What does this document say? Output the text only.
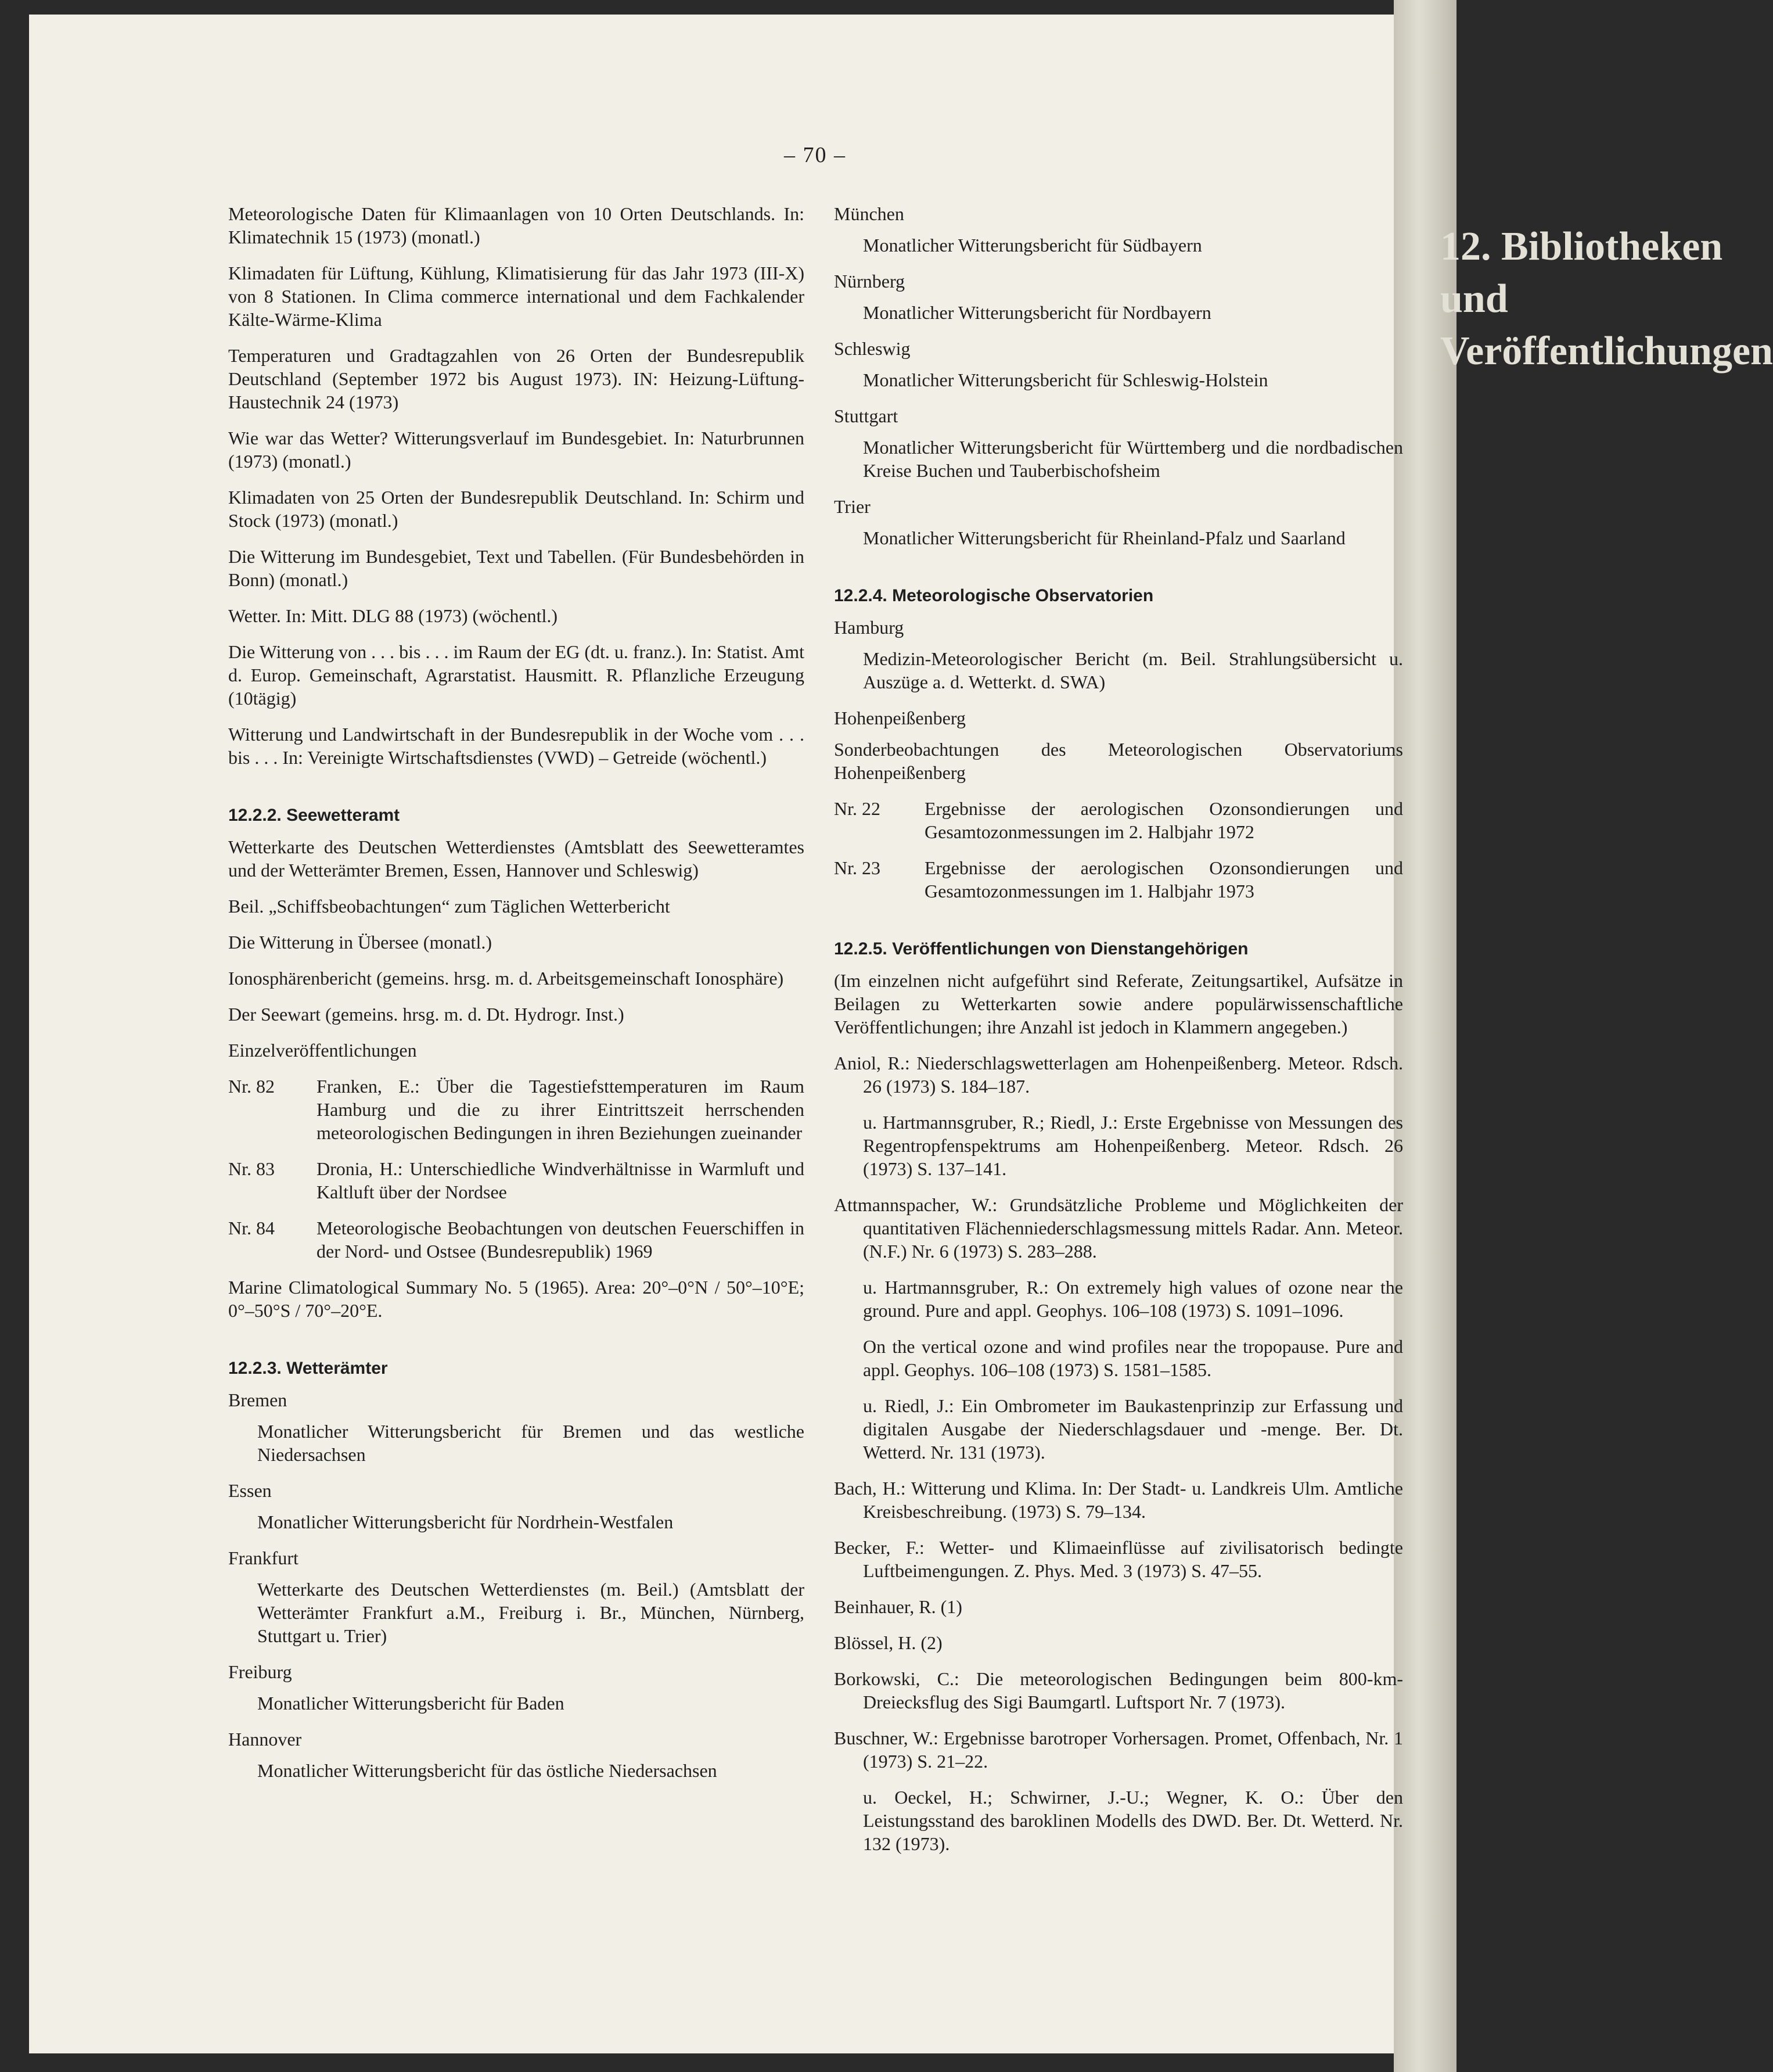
12. Bibliotheken und
Veröffentlichungen
– 70 –

Meteorologische Daten für Klimaanlagen von 10 Orten Deutschlands. In: Klimatechnik 15 (1973) (monatl.)

Klimadaten für Lüftung, Kühlung, Klimatisierung für das Jahr 1973 (III-X) von 8 Stationen. In Clima commerce international und dem Fachkalender Kälte-Wärme-Klima

Temperaturen und Gradtagzahlen von 26 Orten der Bundesrepublik Deutschland (September 1972 bis August 1973). IN: Heizung-Lüftung-Haustechnik 24 (1973)

Wie war das Wetter? Witterungsverlauf im Bundesgebiet. In: Naturbrunnen (1973) (monatl.)

Klimadaten von 25 Orten der Bundesrepublik Deutschland. In: Schirm und Stock (1973) (monatl.)

Die Witterung im Bundesgebiet, Text und Tabellen. (Für Bundesbehörden in Bonn) (monatl.)

Wetter. In: Mitt. DLG 88 (1973) (wöchentl.)

Die Witterung von . . . bis . . . im Raum der EG (dt. u. franz.). In: Statist. Amt d. Europ. Gemeinschaft, Agrarstatist. Hausmitt. R. Pflanzliche Erzeugung (10tägig)

Witterung und Landwirtschaft in der Bundesrepublik in der Woche vom . . . bis . . . In: Vereinigte Wirtschaftsdienstes (VWD) – Getreide (wöchentl.)

12.2.2. Seewetteramt

Wetterkarte des Deutschen Wetterdienstes (Amtsblatt des Seewetteramtes und der Wetterämter Bremen, Essen, Hannover und Schleswig)

Beil. „Schiffsbeobachtungen“ zum Täglichen Wetterbericht

Die Witterung in Übersee (monatl.)

Ionosphärenbericht (gemeins. hrsg. m. d. Arbeitsgemeinschaft Ionosphäre)

Der Seewart (gemeins. hrsg. m. d. Dt. Hydrogr. Inst.)

Einzelveröffentlichungen

Nr. 82	Franken, E.: Über die Tagestiefsttemperaturen im Raum Hamburg und die zu ihrer Eintrittszeit herrschenden meteorologischen Bedingungen in ihren Beziehungen zueinander
Nr. 83	Dronia, H.: Unterschiedliche Windverhältnisse in Warmluft und Kaltluft über der Nordsee
Nr. 84	Meteorologische Beobachtungen von deutschen Feuerschiffen in der Nord- und Ostsee (Bundesrepublik) 1969

Marine Climatological Summary No. 5 (1965). Area: 20°–0°N / 50°–10°E; 0°–50°S / 70°–20°E.

12.2.3. Wetterämter
Bremen

Monatlicher Witterungsbericht für Bremen und das westliche Niedersachsen

Essen

Monatlicher Witterungsbericht für Nordrhein-Westfalen

Frankfurt

Wetterkarte des Deutschen Wetterdienstes (m. Beil.) (Amtsblatt der Wetterämter Frankfurt a.M., Freiburg i. Br., München, Nürnberg, Stuttgart u. Trier)

Freiburg

Monatlicher Witterungsbericht für Baden

Hannover

Monatlicher Witterungsbericht für das östliche Niedersachsen

München

Monatlicher Witterungsbericht für Südbayern

Nürnberg

Monatlicher Witterungsbericht für Nordbayern

Schleswig

Monatlicher Witterungsbericht für Schleswig-Holstein

Stuttgart

Monatlicher Witterungsbericht für Württemberg und die nordbadischen Kreise Buchen und Tauberbischofsheim

Trier

Monatlicher Witterungsbericht für Rheinland-Pfalz und Saarland

12.2.4. Meteorologische Observatorien
Hamburg

Medizin-Meteorologischer Bericht (m. Beil. Strahlungsübersicht u. Auszüge a. d. Wetterkt. d. SWA)

Hohenpeißenberg

Sonderbeobachtungen des Meteorologischen Observatoriums Hohenpeißenberg

Nr. 22	Ergebnisse der aerologischen Ozonsondierungen und Gesamtozonmessungen im 2. Halbjahr 1972
Nr. 23	Ergebnisse der aerologischen Ozonsondierungen und Gesamtozonmessungen im 1. Halbjahr 1973
12.2.5. Veröffentlichungen von Dienstangehörigen

(Im einzelnen nicht aufgeführt sind Referate, Zeitungsartikel, Aufsätze in Beilagen zu Wetterkarten sowie andere populärwissenschaftliche Veröffentlichungen; ihre Anzahl ist jedoch in Klammern angegeben.)

Aniol, R.: Niederschlagswetterlagen am Hohenpeißenberg. Meteor. Rdsch. 26 (1973) S. 184–187.

u. Hartmannsgruber, R.; Riedl, J.: Erste Ergebnisse von Messungen des Regentropfenspektrums am Hohenpeißenberg. Meteor. Rdsch. 26 (1973) S. 137–141.

Attmannspacher, W.: Grundsätzliche Probleme und Möglichkeiten der quantitativen Flächenniederschlagsmessung mittels Radar. Ann. Meteor. (N.F.) Nr. 6 (1973) S. 283–288.

u. Hartmannsgruber, R.: On extremely high values of ozone near the ground. Pure and appl. Geophys. 106–108 (1973) S. 1091–1096.

On the vertical ozone and wind profiles near the tropopause. Pure and appl. Geophys. 106–108 (1973) S. 1581–1585.

u. Riedl, J.: Ein Ombrometer im Baukastenprinzip zur Erfassung und digitalen Ausgabe der Niederschlagsdauer und -menge. Ber. Dt. Wetterd. Nr. 131 (1973).

Bach, H.: Witterung und Klima. In: Der Stadt- u. Landkreis Ulm. Amtliche Kreisbeschreibung. (1973) S. 79–134.

Becker, F.: Wetter- und Klimaeinflüsse auf zivilisatorisch bedingte Luftbeimengungen. Z. Phys. Med. 3 (1973) S. 47–55.

Beinhauer, R. (1)

Blössel, H. (2)

Borkowski, C.: Die meteorologischen Bedingungen beim 800-km-Dreiecksflug des Sigi Baumgartl. Luftsport Nr. 7 (1973).

Buschner, W.: Ergebnisse barotroper Vorhersagen. Promet, Offenbach, Nr. 1 (1973) S. 21–22.

u. Oeckel, H.; Schwirner, J.-U.; Wegner, K. O.: Über den Leistungsstand des baroklinen Modells des DWD. Ber. Dt. Wetterd. Nr. 132 (1973).
